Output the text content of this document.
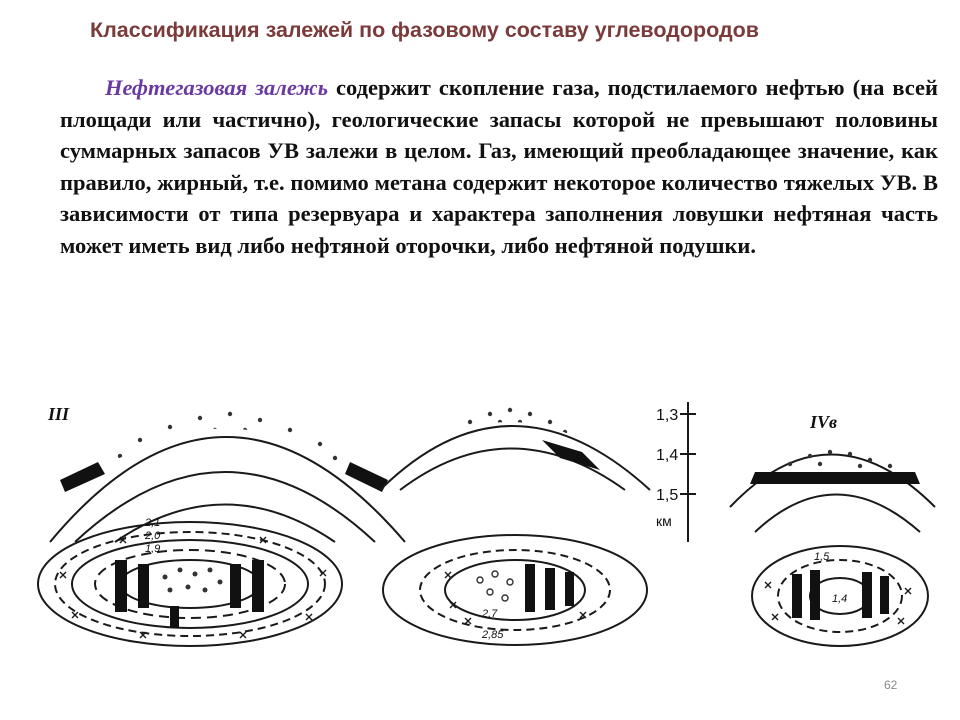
Классификация залежей по фазовому составу углеводородов
Нефтегазовая залежь содержит скопление газа, подстилаемого нефтью (на всей площади или частично), геологические запасы которой не превышают половины суммарных запасов УВ залежи в целом. Газ, имеющий преобладающее значение, как правило, жирный, т.е. помимо метана содержит некоторое количество тяжелых УВ. В зависимости от типа резервуара и характера заполнения ловушки нефтяная часть может иметь вид либо нефтяной оторочки, либо нефтяной подушки.
III
2,1
2,0
1,9
2,7
2,85
1,3
1,4
1,5
км
IVв
1,5
1,4
62
